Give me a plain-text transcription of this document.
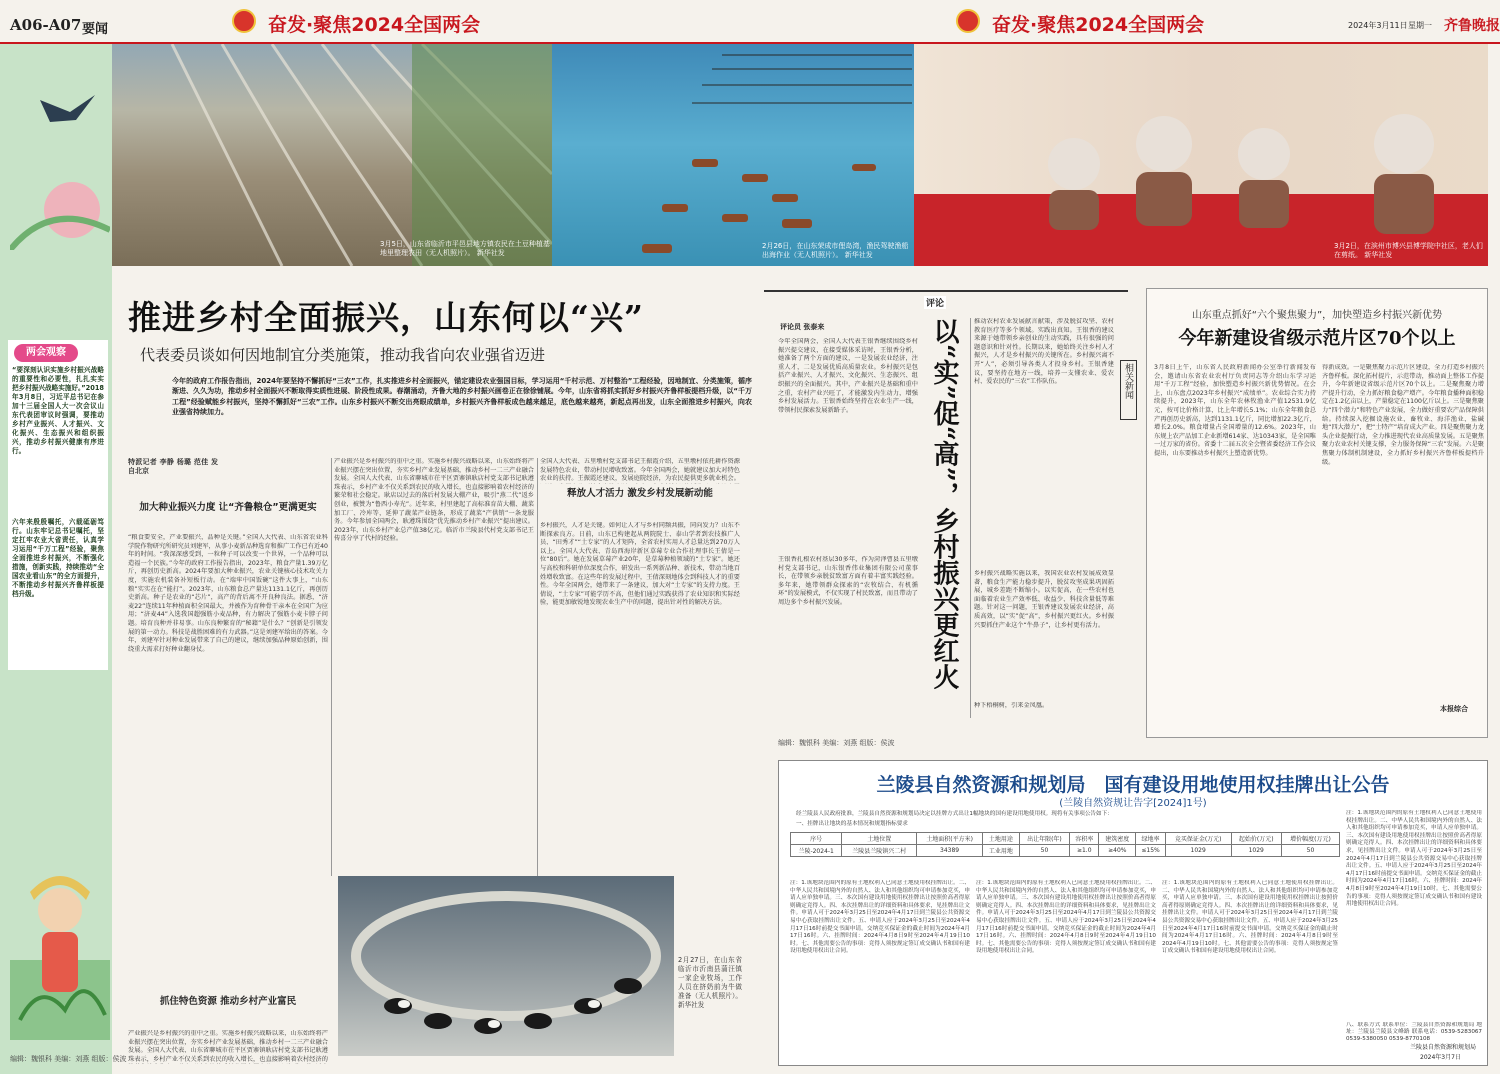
A06-A07 要闻	奋发·聚焦2024全国两会	奋发·聚焦2024全国两会	2024年3月11日 星期一 齐鲁晚报
两会观察
“要深刻认识实施乡村振兴战略的重要性和必要性，扎扎实实把乡村振兴战略实施好。”2018年3月8日，习近平总书记在参加十三届全国人大一次会议山东代表团审议时强调，要推动乡村产业振兴、人才振兴、文化振兴、生态振兴和组织振兴，推动乡村振兴健康有序进行。
六年来殷殷嘱托，六载砥砺笃行。山东牢记总书记嘱托，坚定扛牢农业大省责任，认真学习运用“千万工程”经验，聚焦全面推进乡村振兴，不断强化措施，创新实践，持续推动“全国农业看山东”的全方面提升，不断推动乡村振兴齐鲁样板提档升级。
3月5日，山东省临沂市平邑县地方镇农民在土豆种植基地里整理农田（无人机照片）。 新华社发
2月26日，在山东荣成市俚岛湾，渔民驾驶渔船出海作业（无人机照片）。 新华社发
3月2日，在滨州市博兴县博学院中社区，老人们在剪纸。 新华社发
推进乡村全面振兴，山东何以“兴”
代表委员谈如何因地制宜分类施策，推动我省向农业强省迈进
今年的政府工作报告指出，2024年要坚持不懈抓好“三农”工作，扎实推进乡村全面振兴，锚定建设农业强国目标，学习运用“千村示范、万村整治”工程经验，因地制宜、分类施策，循序渐进、久久为功，推动乡村全面振兴不断取得实质性进展、阶段性成果。春潮涌动，齐鲁大地的乡村振兴画卷正在徐徐铺展。今年，山东省将抓实抓好乡村振兴齐鲁样板提档升级，以“千万工程”经验赋能乡村振兴，坚持不懈抓好“三农”工作。山东乡村振兴不断交出亮眼成绩单，乡村振兴齐鲁样板成色越来越足，底色越来越亮，新起点再出发，山东全面推进乡村振兴，向农业强省持续加力。
特派记者 李静 杨璐 范佳 发自北京
加大种业振兴力度 让“齐鲁粮仓”更满更实
“粮食要安全，产业要振兴，品种是关键。”全国人大代表、山东省农业科学院作物研究所研究员刘建军，从事小麦新品种选育和推广工作已有近40年的时间。“我深深感受到，一粒种子可以改变一个世界，一个品种可以造福一个民族。”今年的政府工作报告指出，2023年，粮食产量1.39万亿斤，再创历史新高。2024年要加大种业振兴，农业关键核心技术攻关力度，实施农机装备补短板行动。在“端牢中国饭碗”这件大事上，“山东粮”实实在在“能打”。2023年，山东粮食总产量达1131.1亿斤，再创历史新高。种子是农业的“芯片”，高产的背后离不开良种良法。据悉，“济麦22”连续11年种植面积全国最大，并被作为育种骨干亲本在全国广为应用；“济麦44”入选我国超强筋小麦品种，有力解决了强筋小麦卡脖子问题。培育良种并非易事。山东良种繁育的“秘籍”是什么？“创新是引领发展的第一动力。科技是战胜困难的有力武器。”这是刘建军给出的答案。今年，刘建军针对种业发展带来了自己的建议，继续加强品种原始创新，围绕重大需求打好种业翻身仗。
抓住特色资源 推动乡村产业富民
产业振兴是乡村振兴的重中之重。实施乡村振兴战略以来，山东始终将产业振兴摆在突出位置，夯实乡村产业发展基础，推动乡村一二三产业融合发展。全国人大代表、山东省聊城市茌平区贾寨镇耿店村党支部书记耿遵珠表示，乡村产业不仅关系到农民的收入增长，也直接影响着农村经济的
产业振兴是乡村振兴的重中之重。实施乡村振兴战略以来，山东始终将产业振兴摆在突出位置，夯实乡村产业发展基础，推动乡村一二三产业融合发展。全国人大代表、山东省聊城市茌平区贾寨镇耿店村党支部书记耿遵珠表示，乡村产业不仅关系到农民的收入增长，也直接影响着农村经济的繁荣和社会稳定。耿店以过去的落后村发展大棚产业，吸引“燕二代”返乡创业，被赞为“鲁西小寿光”。近年来，村里建起了高标准育苗大棚、蔬菜加工厂、冷库等，延伸了蔬菜产业链条，形成了蔬菜“产供销”一条龙服务。今年参加全国两会，耿遵珠围绕“优先推动乡村产业振兴”提出建议。2023年，山东乡村产业总产值38亿元。临沂市兰陵县代村党支部书记王传喜分享了代村的经验。
释放人才活力 激发乡村发展新动能
全国人大代表、五里墩村党支部书记王振霞介绍，五里墩村依托耕作资源发展特色农业，带动村民增收致富。今年全国两会，她就建议加大对特色农业的扶持。王振霞还建议，发展庭院经济，为农民提供更多就业机会。
乡村振兴，人才是关键。如何让人才与乡村同频共振，同向发力？山东不断探索良方。日前，山东已构建起从两院院士、泰山学者到农技推广人员、“田秀才”“土专家”的人才矩阵，全省农村实用人才总量达到270万人以上。全国人大代表、青岛西海岸新区草莓专业合作社理事长王倩是一位“80后”。她在发展草莓产业20年，是草莓种植领域的“土专家”。她还与高校和科研单位深度合作，研发出一系列新品种、新技术，带动当地百姓增收致富。在这些年的发展过程中，王倩深刻地体会到科技人才的重要性。今年全国两会，她带来了一条建议，加大对“土专家”的支持力度。王倩说，“土专家”可能学历不高，但他们通过实践获得了农业知识和实际经验，能更加敏锐地发现农业生产中的问题，提出针对性的解决方法。
2月27日，在山东省临沂市沂南县蒲汪镇一家企业牧场，工作人员在挤奶前为牛做准备（无人机照片）。 新华社发
编辑：魏银科 美编：刘燕 组版：侯波
评论
评论员 张泰来
今年全国两会，全国人大代表王银香继续围绕乡村振兴提交建议，在接受媒体采访时，王银香分析，她准备了两个方面的建议，一是发展农业经济，注重人才，二是发展优质高质量农业。乡村振兴是包括产业振兴、人才振兴、文化振兴、生态振兴、组织振兴的全面振兴。其中，产业振兴是基础和重中之重，农村产业兴旺了，才能激发内生动力，增强乡村发展活力。王银香始终坚持在农业生产一线，带领村民探索发展新路子。
王银香扎根农村基层30多年，作为菏泽曹县五里墩村党支部书记，山东银香伟业集团有限公司董事长，在带领乡亲脱贫致富方面有着丰富实践经验。多年来，她带领群众探索的“农牧结合、有机循环”的发展模式，不仅实现了村民致富，而且带动了周边多个乡村振兴发展。	以“实”促“高”，乡村振兴更红火	推动农村农业发展献言献策，涉及脱贫攻坚、农村教育医疗等多个领域。实践出真知。王银香的建议来源于她带领乡亲创业的生动实践，具有很强的问题意识和针对性。长期以来，她始终关注乡村人才振兴，人才是乡村振兴的关键所在。乡村振兴离不开“人”，必须引导各类人才投身乡村。王银香建议，要坚持在地方一线，培养一支懂农业、爱农村、爱农民的“三农”工作队伍。
乡村振兴战略实施以来，我国农业农村发展成效显著，粮食生产能力稳步提升，脱贫攻坚成果巩固拓展，城乡差距不断缩小。以实促高，在一些农村也面临着农业生产效率低、收益少、科技含量低等难题。针对这一问题，王银香建议发展农业经济，高质高效，以“实”促“高”，乡村振兴更红火。乡村振兴要抓住产业这个“牛鼻子”，让乡村更有活力。
种下梧桐树，引来金凤凰。
编辑：魏银科 美编：刘燕 组版：侯波
山东重点抓好“六个聚焦聚力”，加快塑造乡村振兴新优势
今年新建设省级示范片区70个以上
相关新闻	3月8日上午，山东省人民政府新闻办公室举行新闻发布会，邀请山东省农业农村厅负责同志等介绍山东学习运用“千万工程”经验，加快塑造乡村振兴新优势情况。在会上，山东盘点2023年乡村振兴“成绩单”。农业综合实力持续提升，2023年，山东全年农林牧渔业产值12531.9亿元，按可比价格计算，比上年增长5.1%；山东全年粮食总产再创历史新高，达到1131.1亿斤，同比增加22.3亿斤，增长2.0%。粮食增量占全国增量的12.6%。2023年，山东规上农产品加工企业新增614家、达10343家，是全国唯一过万家的省份。省委十二届五次全会暨省委经济工作会议提出，山东要推动乡村振兴上塑造新优势。
得新成效。一是聚焦聚力示范片区建设，全力打造乡村振兴齐鲁样板。深化拓村提片，示范带动，推动面上整体工作提升，今年新建设省级示范片区70个以上。二是聚焦聚力增产提升行动，全力抓好粮食稳产增产。今年粮食播种面积稳定在1.2亿亩以上，产量稳定在1100亿斤以上。三是聚焦聚力“四个潜力”和特色产业发展，全力做好重要农产品保障供给。持续深入挖掘设施农业、畜牧业、海洋渔业、盐碱地“四大潜力”，把“土特产”培育成大产业。四是聚焦聚力龙头企业提振行动，全力推进现代农业高质量发展。五是聚焦聚力农业农村关键支撑，全力服务保障“三农”发展。六是聚焦聚力体制机制建设，全力抓好乡村振兴齐鲁样板提档升级。
本报综合
兰陵县自然资源和规划局　国有建设用地使用权挂牌出让公告
(兰陵自然资规让告字[2024]1号)
经兰陵县人民政府批准，兰陵县自然资源和规划局决定以挂牌方式出让1幅地块的国有建设用地使用权。现将有关事项公告如下：
一、挂牌出让地块的基本情况和规划指标要求
序号	土地位置	土地面积(平方米)	土地用途	出让年限(年)	容积率	建筑密度	绿地率	竞买保证金(万元)	起始价(万元)	增价幅度(万元)
兰陵-2024-1	兰陵县兰陵镇兴二村	34389	工业用地	50	≥1.0	≥40%	≤15%	1029	1029	50
注：1.该地块范围内的原有土地权利人已同意土地使用权挂牌出让。二、中华人民共和国境内外的自然人、法人和其他组织均可申请参加竞买，申请人应单独申请。三、本次国有建设用地使用权挂牌出让按照价高者得原则确定竞得人。四、本次挂牌出让的详细资料和具体要求，见挂牌出让文件。申请人可于2024年3月25日至2024年4月17日到兰陵县公共资源交易中心获取挂牌出让文件。五、申请人应于2024年3月25日至2024年4月17日16时前提交书面申请。交纳竞买保证金的截止时间为2024年4月17日16时。六、挂牌时间：2024年4月8日9时至2024年4月19日10时。七、其他需要公告的事项：竞得人须按规定签订成交确认书和国有建设用地使用权出让合同。
注：1.该地块范围内的原有土地权利人已同意土地使用权挂牌出让。二、中华人民共和国境内外的自然人、法人和其他组织均可申请参加竞买，申请人应单独申请。三、本次国有建设用地使用权挂牌出让按照价高者得原则确定竞得人。四、本次挂牌出让的详细资料和具体要求，见挂牌出让文件。申请人可于2024年3月25日至2024年4月17日到兰陵县公共资源交易中心获取挂牌出让文件。五、申请人应于2024年3月25日至2024年4月17日16时前提交书面申请。交纳竞买保证金的截止时间为2024年4月17日16时。六、挂牌时间：2024年4月8日9时至2024年4月19日10时。七、其他需要公告的事项：竞得人须按规定签订成交确认书和国有建设用地使用权出让合同。
注：1.该地块范围内的原有土地权利人已同意土地使用权挂牌出让。二、中华人民共和国境内外的自然人、法人和其他组织均可申请参加竞买，申请人应单独申请。三、本次国有建设用地使用权挂牌出让按照价高者得原则确定竞得人。四、本次挂牌出让的详细资料和具体要求，见挂牌出让文件。申请人可于2024年3月25日至2024年4月17日到兰陵县公共资源交易中心获取挂牌出让文件。五、申请人应于2024年3月25日至2024年4月17日16时前提交书面申请。交纳竞买保证金的截止时间为2024年4月17日16时。六、挂牌时间：2024年4月8日9时至2024年4月19日10时。七、其他需要公告的事项：竞得人须按规定签订成交确认书和国有建设用地使用权出让合同。
注：1.该地块范围内的原有土地权利人已同意土地使用权挂牌出让。二、中华人民共和国境内外的自然人、法人和其他组织均可申请参加竞买，申请人应单独申请。三、本次国有建设用地使用权挂牌出让按照价高者得原则确定竞得人。四、本次挂牌出让的详细资料和具体要求，见挂牌出让文件。申请人可于2024年3月25日至2024年4月17日到兰陵县公共资源交易中心获取挂牌出让文件。五、申请人应于2024年3月25日至2024年4月17日16时前提交书面申请。交纳竞买保证金的截止时间为2024年4月17日16时。六、挂牌时间：2024年4月8日9时至2024年4月19日10时。七、其他需要公告的事项：竞得人须按规定签订成交确认书和国有建设用地使用权出让合同。
八、联系方式 联系单位：兰陵县自然资源和规划局 地址：兰陵县兰陵县文峰路 联系电话：0539-5283067 0539-5380050 0539-8770108
兰陵县自然资源和规划局
2024年3月7日
